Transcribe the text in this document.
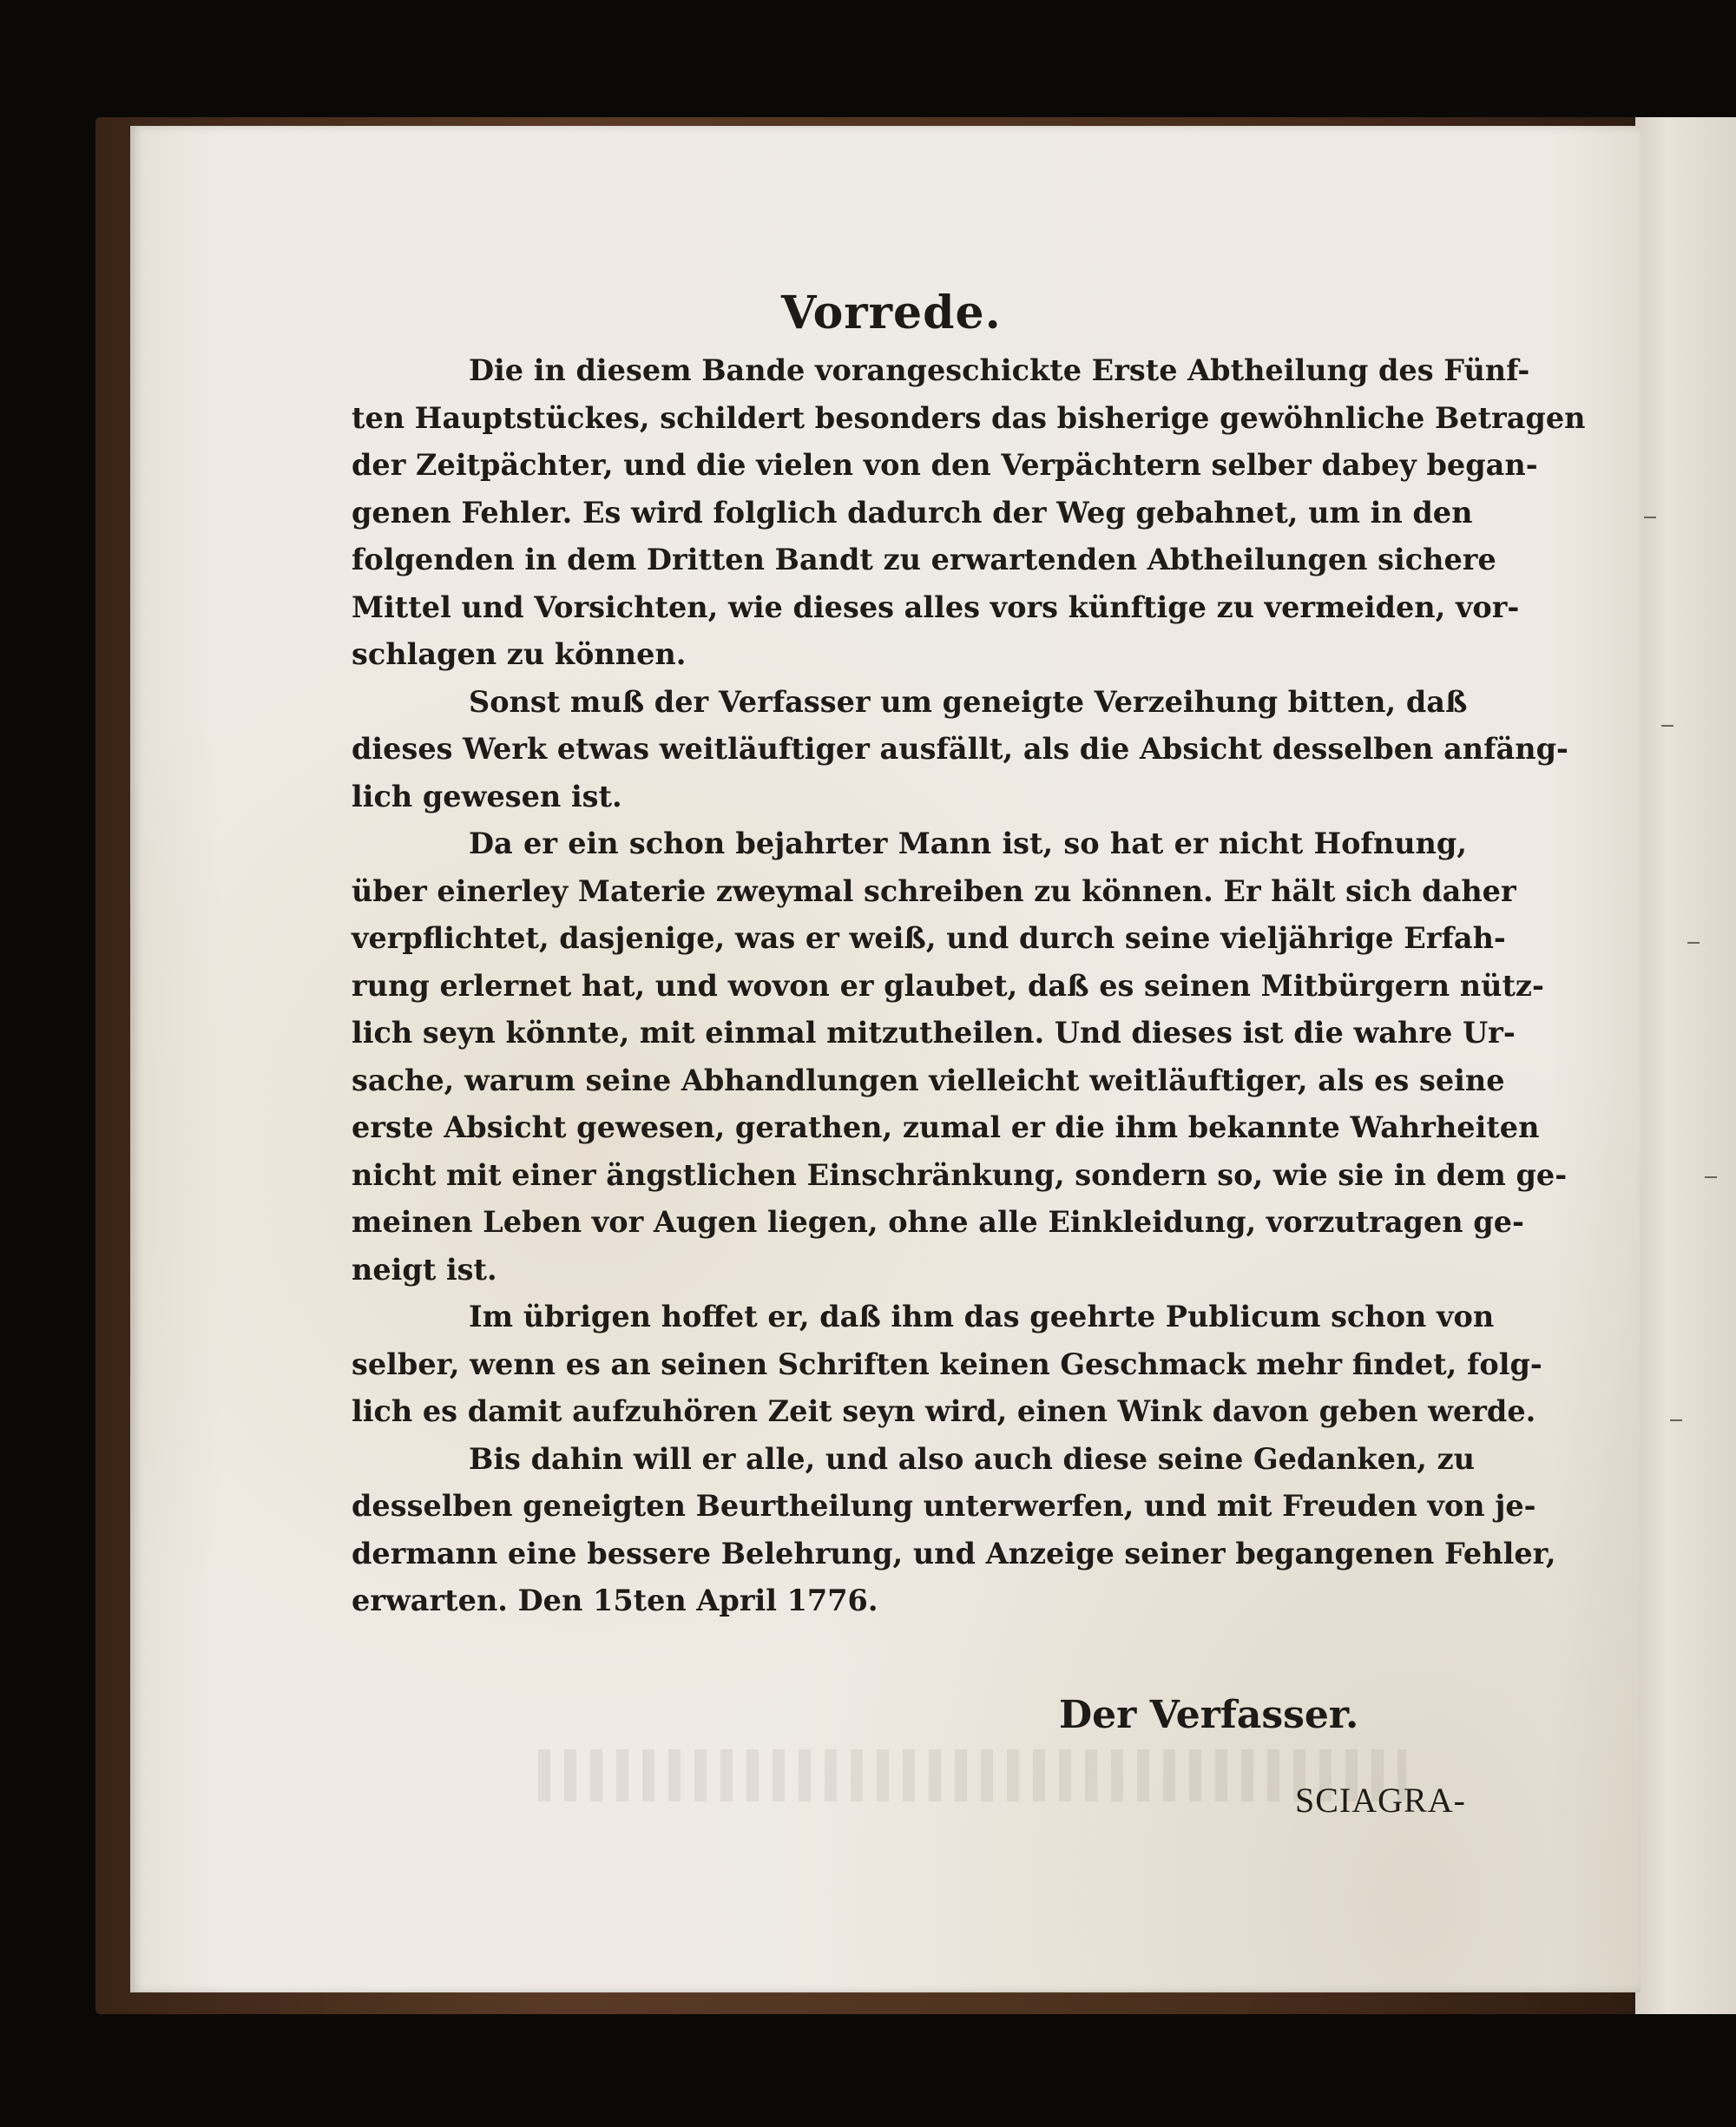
Vorrede.
Die in diesem Bande vorangeschickte Erste Abtheilung des Fünf-
ten Hauptstückes, schildert besonders das bisherige gewöhnliche Betragen
der Zeitpächter, und die vielen von den Verpächtern selber dabey began-
genen Fehler. Es wird folglich dadurch der Weg gebahnet, um in den
folgenden in dem Dritten Bandt zu erwartenden Abtheilungen sichere
Mittel und Vorsichten, wie dieses alles vors künftige zu vermeiden, vor-
schlagen zu können.
Sonst muß der Verfasser um geneigte Verzeihung bitten, daß
dieses Werk etwas weitläuftiger ausfällt, als die Absicht desselben anfäng-
lich gewesen ist.
Da er ein schon bejahrter Mann ist, so hat er nicht Hofnung,
über einerley Materie zweymal schreiben zu können. Er hält sich daher
verpflichtet, dasjenige, was er weiß, und durch seine vieljährige Erfah-
rung erlernet hat, und wovon er glaubet, daß es seinen Mitbürgern nütz-
lich seyn könnte, mit einmal mitzutheilen. Und dieses ist die wahre Ur-
sache, warum seine Abhandlungen vielleicht weitläuftiger, als es seine
erste Absicht gewesen, gerathen, zumal er die ihm bekannte Wahrheiten
nicht mit einer ängstlichen Einschränkung, sondern so, wie sie in dem ge-
meinen Leben vor Augen liegen, ohne alle Einkleidung, vorzutragen ge-
neigt ist.
Im übrigen hoffet er, daß ihm das geehrte Publicum schon von
selber, wenn es an seinen Schriften keinen Geschmack mehr findet, folg-
lich es damit aufzuhören Zeit seyn wird, einen Wink davon geben werde.
Bis dahin will er alle, und also auch diese seine Gedanken, zu
desselben geneigten Beurtheilung unterwerfen, und mit Freuden von je-
dermann eine bessere Belehrung, und Anzeige seiner begangenen Fehler,
erwarten. Den 15ten April 1776.
Der Verfasser.
SCIAGRA-
